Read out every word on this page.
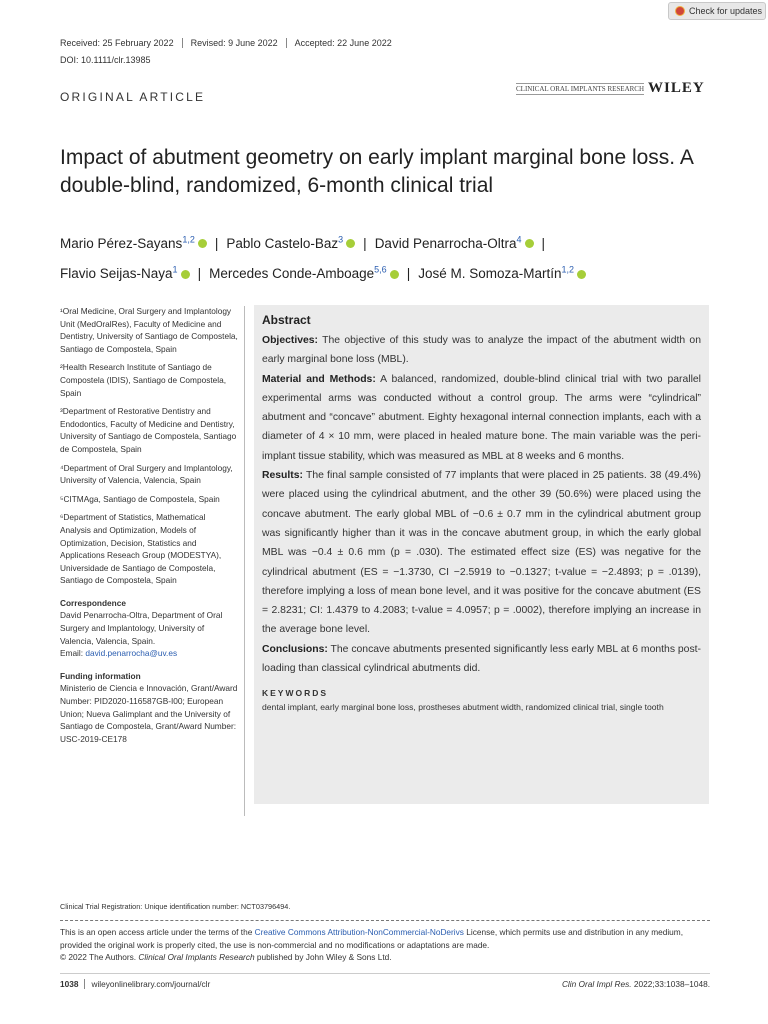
Check for updates
Received: 25 February 2022	Revised: 9 June 2022	Accepted: 22 June 2022
DOI: 10.1111/clr.13985
ORIGINAL ARTICLE
CLINICAL ORAL IMPLANTS RESEARCH WILEY
Impact of abutment geometry on early implant marginal bone loss. A double-blind, randomized, 6-month clinical trial
Mario Pérez-Sayans$^{1,2}$ | Pablo Castelo-Baz$^3$ | David Penarrocha-Oltra$^4$ |
Flavio Seijas-Naya$^1$ | Mercedes Conde-Amboage$^{5,6}$ | José M. Somoza-Martín$^{1,2}$

¹Oral Medicine, Oral Surgery and Implantology Unit (MedOralRes), Faculty of Medicine and Dentistry, University of Santiago de Compostela, Santiago de Compostela, Spain

²Health Research Institute of Santiago de Compostela (IDIS), Santiago de Compostela, Spain

³Department of Restorative Dentistry and Endodontics, Faculty of Medicine and Dentistry, University of Santiago de Compostela, Santiago de Compostela, Spain

⁴Department of Oral Surgery and Implantology, University of Valencia, Valencia, Spain

⁵CITMAga, Santiago de Compostela, Spain

⁶Department of Statistics, Mathematical Analysis and Optimization, Models of Optimization, Decision, Statistics and Applications Reseach Group (MODESTYA), Universidade de Santiago de Compostela, Santiago de Compostela, Spain

Correspondence

David Penarrocha-Oltra, Department of Oral Surgery and Implantology, University of Valencia, Valencia, Spain.

Email: david.penarrocha@uv.es

Funding information

Ministerio de Ciencia e Innovación, Grant/Award Number: PID2020-116587GB-I00; European Union; Nueva Galimplant and the University of Santiago de Compostela, Grant/Award Number: USC-2019-CE178

Abstract
Objectives: The objective of this study was to analyze the impact of the abutment width on early marginal bone loss (MBL).
Material and Methods: A balanced, randomized, double-blind clinical trial with two parallel experimental arms was conducted without a control group. The arms were “cylindrical” abutment and “concave” abutment. Eighty hexagonal internal connection implants, each with a diameter of 4 × 10 mm, were placed in healed mature bone. The main variable was the peri-implant tissue stability, which was measured as MBL at 8 weeks and 6 months.
Results: The final sample consisted of 77 implants that were placed in 25 patients. 38 (49.4%) were placed using the cylindrical abutment, and the other 39 (50.6%) were placed using the concave abutment. The early global MBL of −0.6 ± 0.7 mm in the cylindrical abutment group was significantly higher than it was in the concave abutment group, in which the early global MBL was −0.4 ± 0.6 mm (p = .030). The estimated effect size (ES) was negative for the cylindrical abutment (ES = −1.3730, CI −2.5919 to −0.1327; t-value = −2.4893; p = .0139), therefore implying a loss of mean bone level, and it was positive for the concave abutment (ES = 2.8231; CI: 1.4379 to 4.2083; t-value = 4.0957; p = .0002), therefore implying an increase in the average bone level.
Conclusions: The concave abutments presented significantly less early MBL at 6 months post-loading than classical cylindrical abutments did.
KEYWORDS
dental implant, early marginal bone loss, prostheses abutment width, randomized clinical trial, single tooth
Clinical Trial Registration: Unique identification number: NCT03796494.
This is an open access article under the terms of the Creative Commons Attribution-NonCommercial-NoDerivs License, which permits use and distribution in any medium, provided the original work is properly cited, the use is non-commercial and no modifications or adaptations are made.
© 2022 The Authors. Clinical Oral Implants Research published by John Wiley & Sons Ltd.
1038	wileyonlinelibrary.com/journal/clr	Clin Oral Impl Res. 2022;33:1038–1048.
